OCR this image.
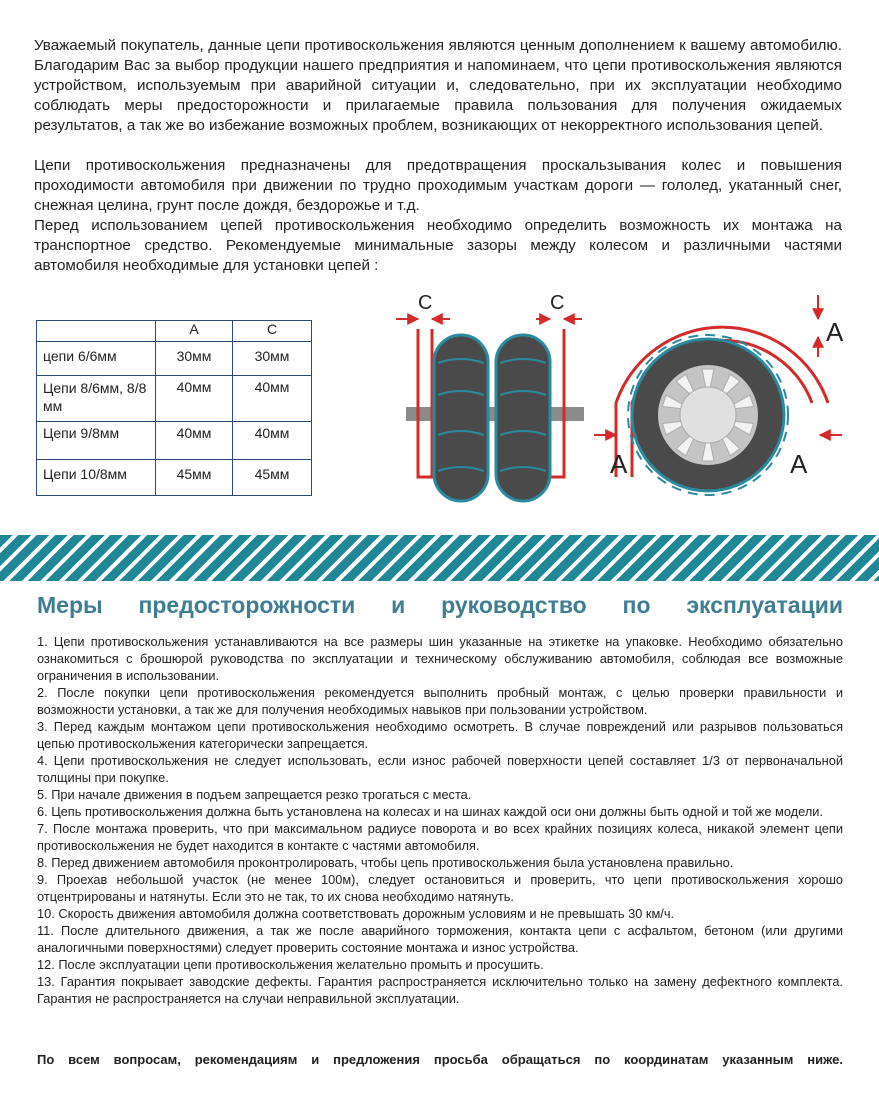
Уважаемый покупатель, данные цепи противоскольжения являются ценным дополнением к вашему автомобилю. Благодарим Вас за выбор продукции нашего предприятия и напоминаем, что цепи противоскольжения являются устройством, используемым при аварийной ситуации и, следовательно, при их эксплуатации необходимо соблюдать меры предосторожности и прилагаемые правила пользования для получения ожидаемых результатов, а так же во избежание возможных проблем, возникающих от некорректного использования цепей.

Цепи противоскольжения предназначены для предотвращения проскальзывания колес и повышения проходимости автомобиля при движении по трудно проходимым участкам дороги — гололед, укатанный снег, снежная целина, грунт после дождя, бездорожье и т.д.

Перед использованием цепей противоскольжения необходимо определить возможность их монтажа на транспортное средство. Рекомендуемые минимальные зазоры между колесом и различными частями автомобиля необходимые для установки цепей :

	A	C
цепи 6/6мм	30мм	30мм
Цепи 8/6мм, 8/8 мм	40мм	40мм
Цепи 9/8мм	40мм	40мм
Цепи 10/8мм	45мм	45мм
C	C
A
A	A
Меры предосторожности и руководство по эксплуатации
1. Цепи противоскольжения устанавливаются на все размеры шин указанные на этикетке на упаковке. Необходимо обязательно ознакомиться с брошюрой руководства по эксплуатации и техническому обслуживанию автомобиля, соблюдая все возможные ограничения в использовании.
2. После покупки цепи противоскольжения рекомендуется выполнить пробный монтаж, с целью проверки правильности и возможности установки, а так же для получения необходимых навыков при пользовании устройством.
3. Перед каждым монтажом цепи противоскольжения необходимо осмотреть. В случае повреждений или разрывов пользоваться цепью противоскольжения категорически запрещается.
4. Цепи противоскольжения не следует использовать, если износ рабочей поверхности цепей составляет 1/3 от первоначальной толщины при покупке.
5. При начале движения в подъем запрещается резко трогаться с места.
6. Цепь противоскольжения должна быть установлена на колесах и на шинах каждой оси они должны быть одной и той же модели.
7. После монтажа проверить, что при максимальном радиусе поворота и во всех крайних позициях колеса, никакой элемент цепи противоскольжения не будет находится в контакте с частями автомобиля.
8. Перед движением автомобиля проконтролировать, чтобы цепь противоскольжения была установлена правильно.
9. Проехав небольшой участок (не менее 100м), следует остановиться и проверить, что цепи противоскольжения хорошо отцентрированы и натянуты. Если это не так, то их снова необходимо натянуть.
10. Скорость движения автомобиля должна соответствовать дорожным условиям и не превышать 30 км/ч.
11. После длительного движения, а так же после аварийного торможения, контакта цепи с асфальтом, бетоном (или другими аналогичными поверхностями) следует проверить состояние монтажа и износ устройства.
12. После эксплуатации цепи противоскольжения желательно промыть и просушить.
13. Гарантия покрывает заводские дефекты. Гарантия распространяется исключительно только на замену дефектного комплекта. Гарантия не распространяется на случаи неправильной эксплуатации.
По всем вопросам, рекомендациям и предложения просьба обращаться по координатам указанным ниже.
